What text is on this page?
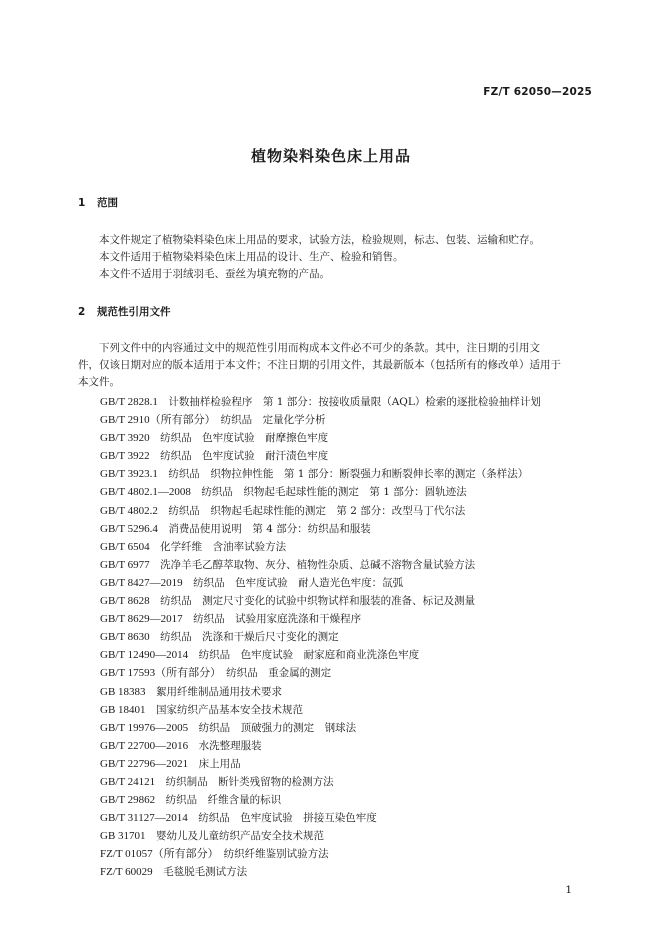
FZ/T 62050—2025
植物染料染色床上用品
1 范围
本文件规定了植物染料染色床上用品的要求，试验方法，检验规则，标志、包装、运输和贮存。
本文件适用于植物染料染色床上用品的设计、生产、检验和销售。
本文件不适用于羽绒羽毛、蚕丝为填充物的产品。
2 规范性引用文件
下列文件中的内容通过文中的规范性引用而构成本文件必不可少的条款。其中，注日期的引用文
件，仅该日期对应的版本适用于本文件；不注日期的引用文件，其最新版本（包括所有的修改单）适用于
本文件。
GB/T 2828.1　 计数抽样检验程序　第 1 部分：按接收质量限（AQL）检索的逐批检验抽样计划
GB/T 2910（所有部分）　 纺织品　定量化学分析
GB/T 3920　 纺织品　色牢度试验　耐摩擦色牢度
GB/T 3922　 纺织品　色牢度试验　耐汗渍色牢度
GB/T 3923.1　 纺织品　织物拉伸性能　第 1 部分：断裂强力和断裂伸长率的测定（条样法）
GB/T 4802.1—2008　 纺织品　织物起毛起球性能的测定　第 1 部分：圆轨迹法
GB/T 4802.2　 纺织品　织物起毛起球性能的测定　第 2 部分：改型马丁代尔法
GB/T 5296.4　 消费品使用说明　第 4 部分：纺织品和服装
GB/T 6504　 化学纤维　含油率试验方法
GB/T 6977　 洗净羊毛乙醇萃取物、灰分、植物性杂质、总碱不溶物含量试验方法
GB/T 8427—2019　 纺织品　色牢度试验　耐人造光色牢度：氙弧
GB/T 8628　 纺织品　测定尺寸变化的试验中织物试样和服装的准备、标记及测量
GB/T 8629—2017　 纺织品　试验用家庭洗涤和干燥程序
GB/T 8630　 纺织品　洗涤和干燥后尺寸变化的测定
GB/T 12490—2014　 纺织品　色牢度试验　耐家庭和商业洗涤色牢度
GB/T 17593（所有部分）　 纺织品　重金属的测定
GB 18383　 絮用纤维制品通用技术要求
GB 18401　 国家纺织产品基本安全技术规范
GB/T 19976—2005　 纺织品　顶破强力的测定　钢球法
GB/T 22700—2016　 水洗整理服装
GB/T 22796—2021　 床上用品
GB/T 24121　 纺织制品　断针类残留物的检测方法
GB/T 29862　 纺织品　纤维含量的标识
GB/T 31127—2014　 纺织品　色牢度试验　拼接互染色牢度
GB 31701　 婴幼儿及儿童纺织产品安全技术规范
FZ/T 01057（所有部分）　 纺织纤维鉴别试验方法
FZ/T 60029　 毛毯脱毛测试方法
1
